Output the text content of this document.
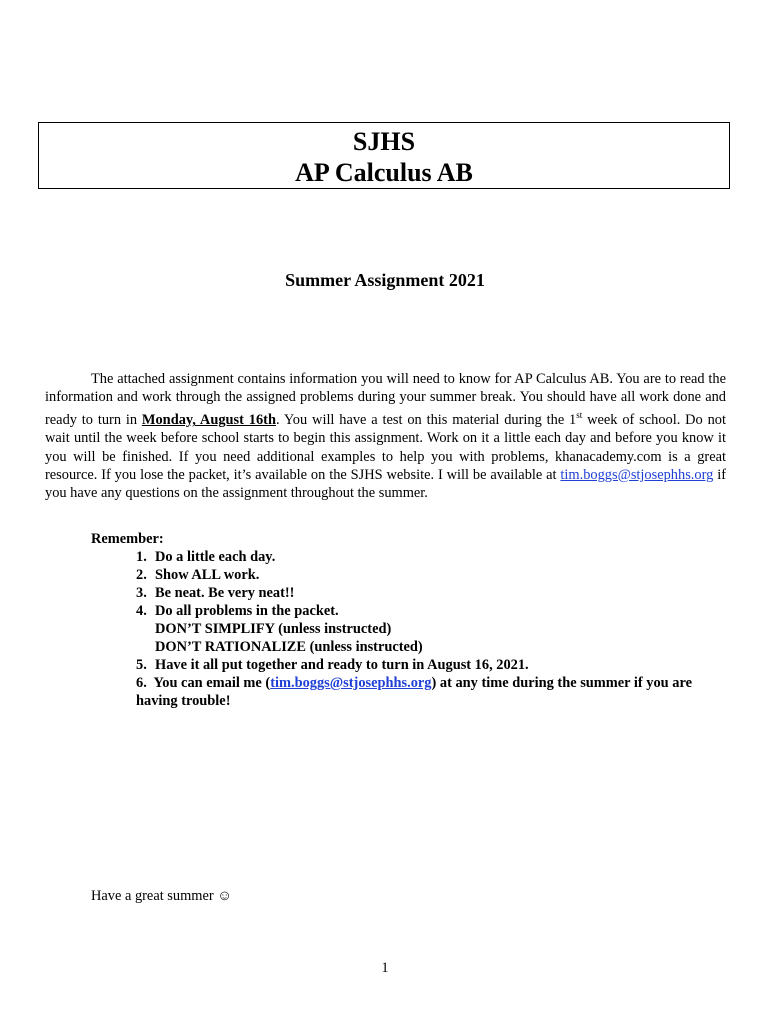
SJHS
AP Calculus AB
Summer Assignment 2021
The attached assignment contains information you will need to know for AP Calculus AB. You are to read the information and work through the assigned problems during your summer break. You should have all work done and ready to turn in Monday, August 16th. You will have a test on this material during the 1st week of school. Do not wait until the week before school starts to begin this assignment. Work on it a little each day and before you know it you will be finished. If you need additional examples to help you with problems, khanacademy.com is a great resource. If you lose the packet, it’s available on the SJHS website. I will be available at tim.boggs@stjosephhs.org if you have any questions on the assignment throughout the summer.
Remember:
1. Do a little each day.
2. Show ALL work.
3. Be neat. Be very neat!!
4. Do all problems in the packet.
DON’T SIMPLIFY (unless instructed)
DON’T RATIONALIZE (unless instructed)
5. Have it all put together and ready to turn in August 16, 2021.
6. You can email me (tim.boggs@stjosephhs.org) at any time during the summer if you are having trouble!
Have a great summer ☺
1
